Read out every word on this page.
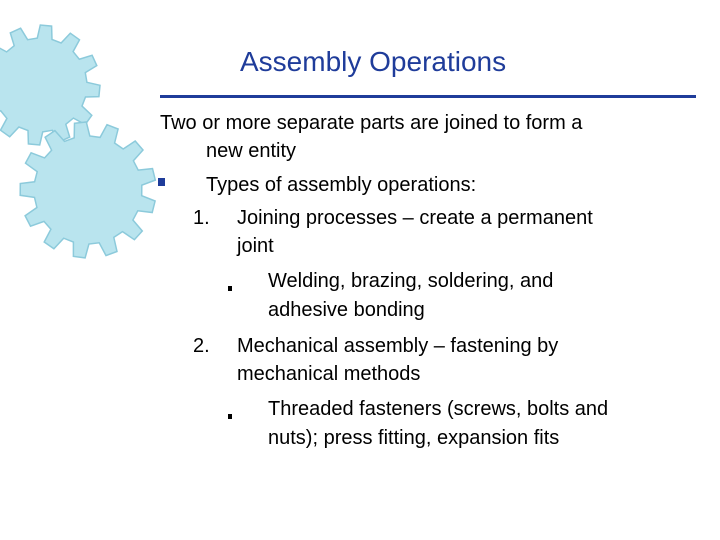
Assembly Operations
Two or more separate parts are joined to form a
new entity
Types of assembly operations:
1. Joining processes – create a permanent
joint
Welding, brazing, soldering, and
adhesive bonding
2. Mechanical assembly – fastening by
mechanical methods
Threaded fasteners (screws, bolts and
nuts); press fitting, expansion fits
